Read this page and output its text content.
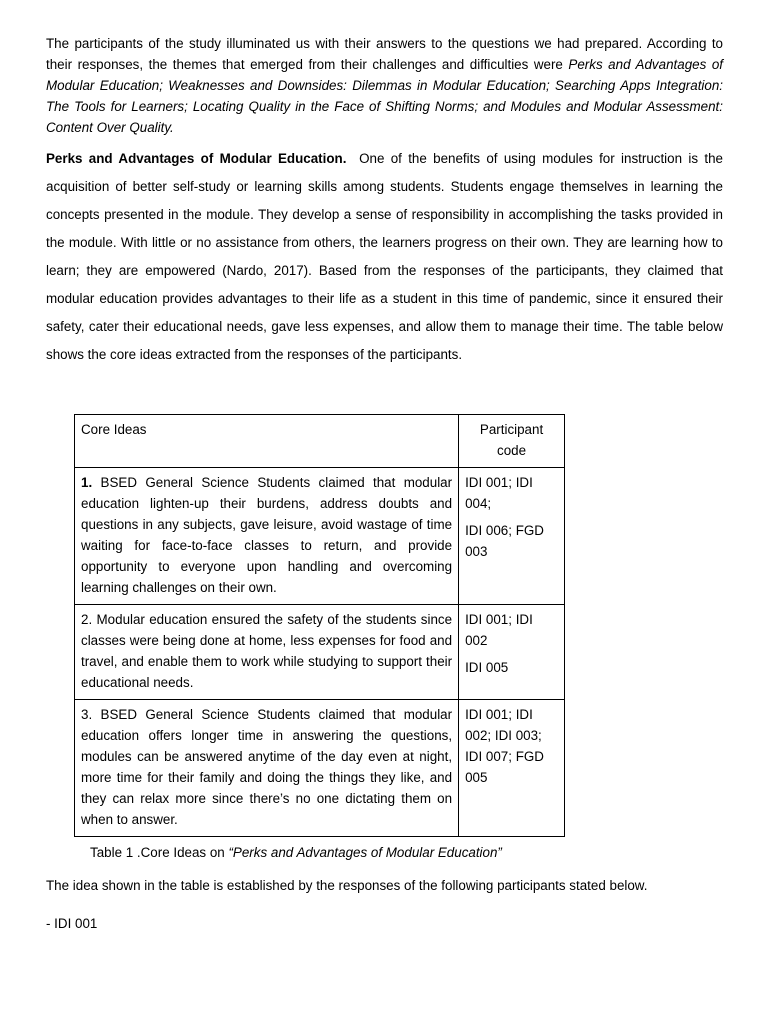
The participants of the study illuminated us with their answers to the questions we had prepared. According to their responses, the themes that emerged from their challenges and difficulties were Perks and Advantages of Modular Education; Weaknesses and Downsides: Dilemmas in Modular Education; Searching Apps Integration: The Tools for Learners; Locating Quality in the Face of Shifting Norms; and Modules and Modular Assessment: Content Over Quality.

Perks and Advantages of Modular Education. One of the benefits of using modules for instruction is the acquisition of better self-study or learning skills among students. Students engage themselves in learning the concepts presented in the module. They develop a sense of responsibility in accomplishing the tasks provided in the module. With little or no assistance from others, the learners progress on their own. They are learning how to learn; they are empowered (Nardo, 2017). Based from the responses of the participants, they claimed that modular education provides advantages to their life as a student in this time of pandemic, since it ensured their safety, cater their educational needs, gave less expenses, and allow them to manage their time. The table below shows the core ideas extracted from the responses of the participants.

Core Ideas	Participant code
1. BSED General Science Students claimed that modular education lighten-up their burdens, address doubts and questions in any subjects, gave leisure, avoid wastage of time waiting for face-to-face classes to return, and provide opportunity to everyone upon handling and overcoming learning challenges on their own.	IDI 001; IDI 004;

IDI 006; FGD 003

2. Modular education ensured the safety of the students since classes were being done at home, less expenses for food and travel, and enable them to work while studying to support their educational needs.	IDI 001; IDI 002

IDI 005

3. BSED General Science Students claimed that modular education offers longer time in answering the questions, modules can be answered anytime of the day even at night, more time for their family and doing the things they like, and they can relax more since there’s no one dictating them on when to answer.	IDI 001; IDI 002; IDI 003; IDI 007; FGD 005

Table 1 .Core Ideas on “Perks and Advantages of Modular Education”
The idea shown in the table is established by the responses of the following participants stated below.
- IDI 001
